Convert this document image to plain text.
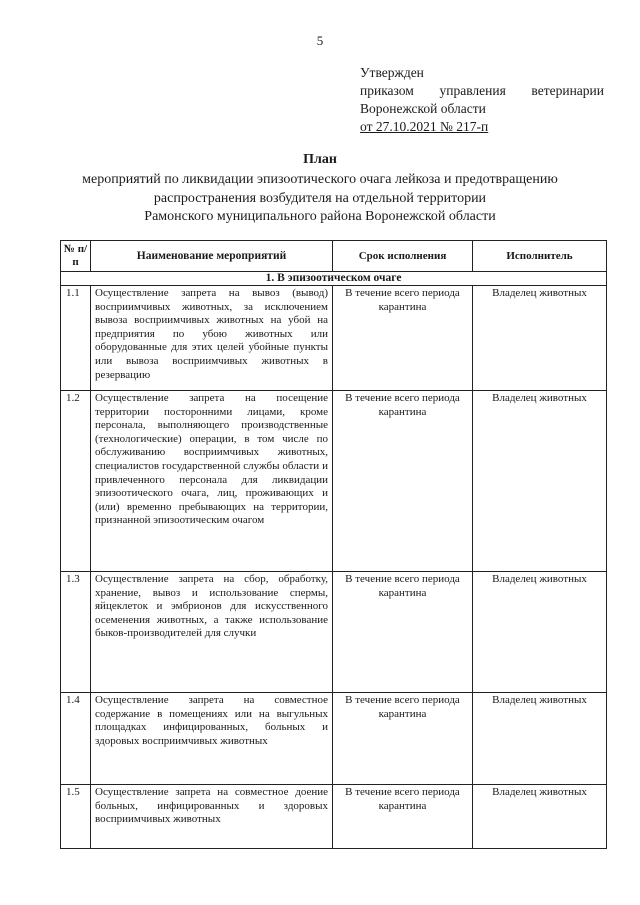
5
Утвержден
приказом управления ветеринарии
Воронежской области
от 27.10.2021 № 217-п
План
мероприятий по ликвидации эпизоотического очага лейкоза и предотвращению
распространения возбудителя на отдельной территории
Рамонского муниципального района Воронежской области
№ п/п	Наименование мероприятий	Срок исполнения	Исполнитель
1. В эпизоотическом очаге			
1.1	Осуществление запрета на вывоз (вывод) восприимчивых животных, за исключением вывоза восприимчивых животных на убой на предприятия по убою животных или оборудованные для этих целей убойные пункты или вывоза восприимчивых животных в резервацию	В течение всего периода карантина	Владелец животных
1.2	Осуществление запрета на посещение территории посторонними лицами, кроме персонала, выполняющего производственные (технологические) операции, в том числе по обслуживанию восприимчивых животных, специалистов государственной службы области и привлеченного персонала для ликвидации эпизоотического очага, лиц, проживающих и (или) временно пребывающих на территории, признанной эпизоотическим очагом	В течение всего периода карантина	Владелец животных
1.3	Осуществление запрета на сбор, обработку, хранение, вывоз и использование спермы, яйцеклеток и эмбрионов для искусственного осеменения животных, а также использование быков-производителей для случки	В течение всего периода карантина	Владелец животных
1.4	Осуществление запрета на совместное содержание в помещениях или на выгульных площадках инфицированных, больных и здоровых восприимчивых животных	В течение всего периода карантина	Владелец животных
1.5	Осуществление запрета на совместное доение больных, инфицированных и здоровых восприимчивых животных	В течение всего периода карантина	Владелец животных
